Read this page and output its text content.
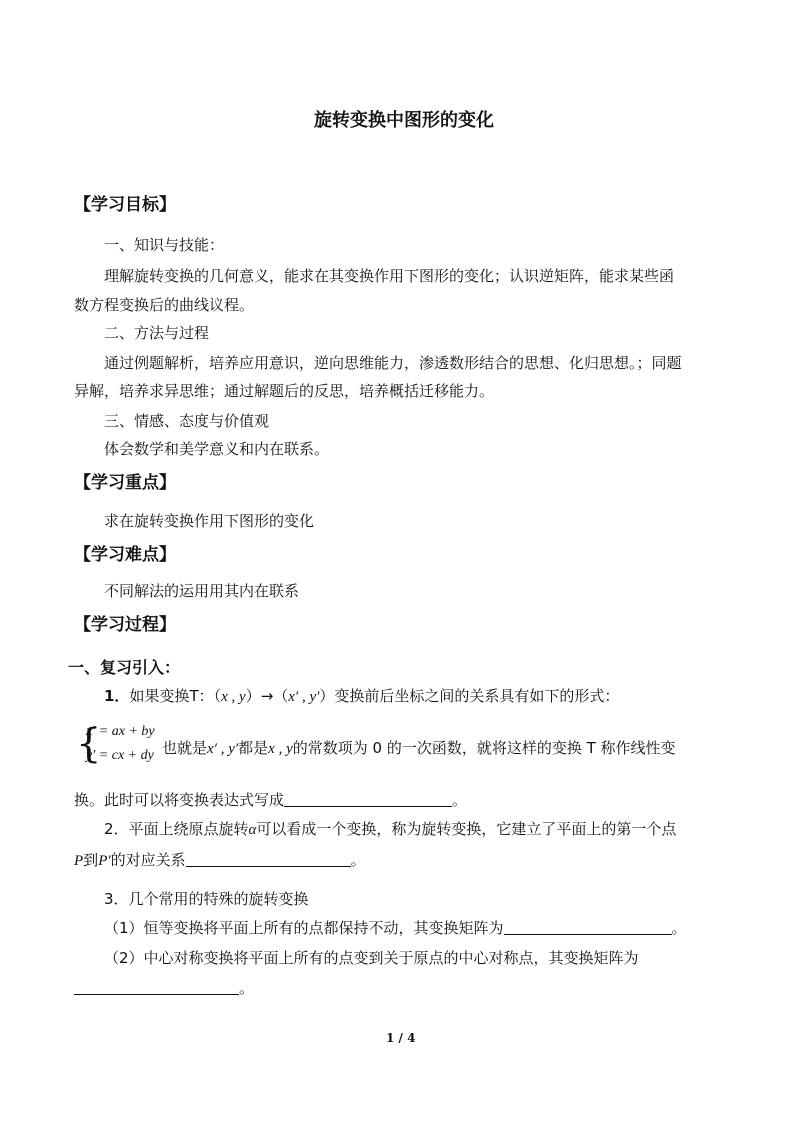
旋转变换中图形的变化
【学习目标】
一、知识与技能：
理解旋转变换的几何意义，能求在其变换作用下图形的变化；认识逆矩阵，能求某些函
数方程变换后的曲线议程。
二、方法与过程
通过例题解析，培养应用意识，逆向思维能力，渗透数形结合的思想、化归思想。；同题
异解，培养求异思维；通过解题后的反思，培养概括迁移能力。
三、情感、态度与价值观
体会数学和美学意义和内在联系。
【学习重点】
求在旋转变换作用下图形的变化
【学习难点】
不同解法的运用用其内在联系
【学习过程】
一、复习引入：
1．如果变换T：（x , y）→（x′ , y′）变换前后坐标之间的关系具有如下的形式：
{
x′ = ax + by
y′ = cx + dy 也就是x′ , y′都是x , y的常数项为 0 的一次函数，就将这样的变换 T 称作线性变
换。此时可以将变换表达式写成	。
2．平面上绕原点旋转α可以看成一个变换，称为旋转变换，它建立了平面上的第一个点
P到P′的对应关系	。
3．几个常用的特殊的旋转变换
（1）恒等变换将平面上所有的点都保持不动，其变换矩阵为	。
（2）中心对称变换将平面上所有的点变到关于原点的中心对称点，其变换矩阵为
。
1 / 4
